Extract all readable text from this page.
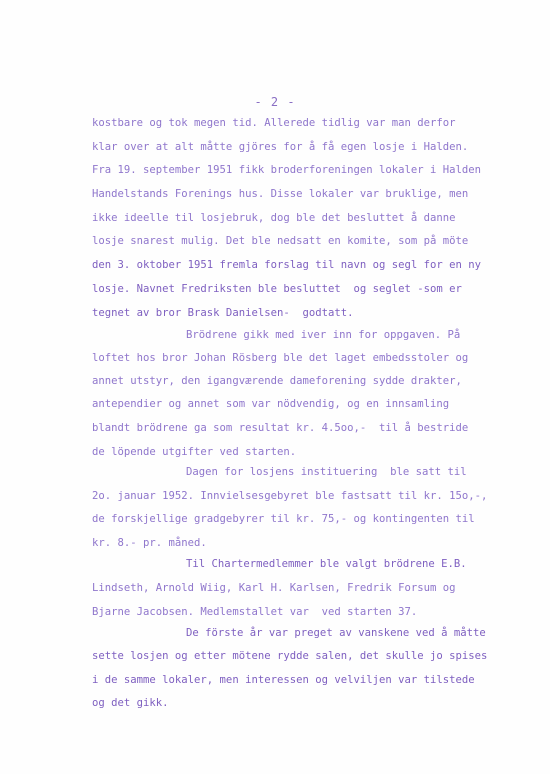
- 2 -
kostbare og tok megen tid. Allerede tidlig var man derfor
klar over at alt måtte gjöres for å få egen losje i Halden.
Fra 19. september 1951 fikk broderforeningen lokaler i Halden
Handelstands Forenings hus. Disse lokaler var bruklige, men
ikke ideelle til losjebruk, dog ble det besluttet å danne
losje snarest mulig. Det ble nedsatt en komite, som på möte
den 3. oktober 1951 fremla forslag til navn og segl for en ny
losje. Navnet Fredriksten ble besluttet  og seglet -som er
tegnet av bror Brask Danielsen-  godtatt.
Brödrene gikk med iver inn for oppgaven. På
loftet hos bror Johan Rösberg ble det laget embedsstoler og
annet utstyr, den igangværende dameforening sydde drakter,
antependier og annet som var nödvendig, og en innsamling
blandt brödrene ga som resultat kr. 4.5oo,-  til å bestride
de löpende utgifter ved starten.
Dagen for losjens instituering  ble satt til
2o. januar 1952. Innvielsesgebyret ble fastsatt til kr. 15o,-,
de forskjellige gradgebyrer til kr. 75,- og kontingenten til
kr. 8.- pr. måned.
Til Chartermedlemmer ble valgt brödrene E.B.
Lindseth, Arnold Wiig, Karl H. Karlsen, Fredrik Forsum og
Bjarne Jacobsen. Medlemstallet var  ved starten 37.
De förste år var preget av vanskene ved å måtte
sette losjen og etter mötene rydde salen, det skulle jo spises
i de samme lokaler, men interessen og velviljen var tilstede
og det gikk.
